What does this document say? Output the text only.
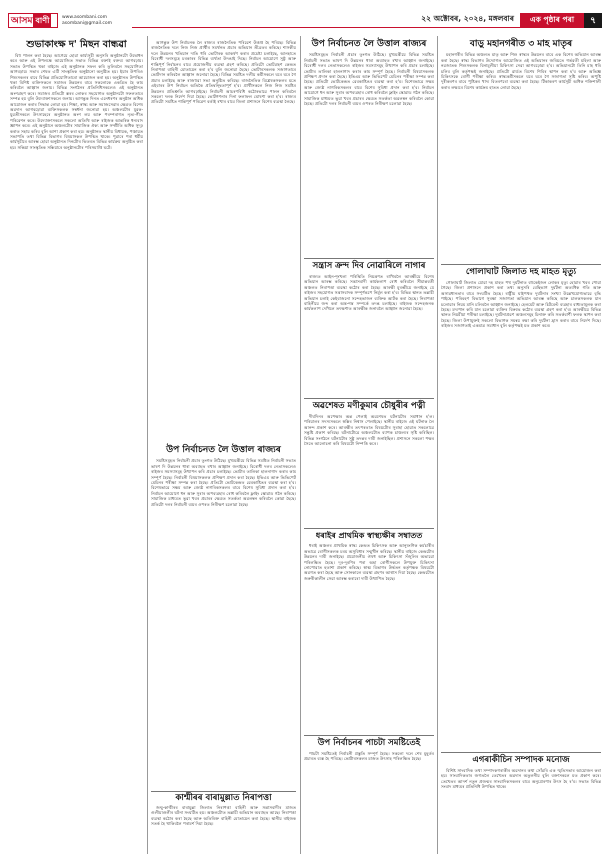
আসম বাণী	www.asombani.com
asombani@gmail.com	২২ অক্টোবৰ, ২০২৪, মঙ্গলবাৰ	এক পৃষ্ঠাৰ পৰা	৭
শুভাকাংক্ষ দ' মিছন বান্ধৱা

বিহু পালন কৰা হৈছে। আগেয়ে হোৱা কাৰ্য্যসূচী অনুসৰি অনুষ্ঠানটো উদ্বোধন কৰে আৰু এই উপলক্ষে আয়োজিত সভাত বিভিন্ন বক্তাই বক্তব্য আগবঢ়ায়। সভাত উপস্থিত থকা ৰাইজে এই অনুষ্ঠানক সফল কৰি তুলিবলৈ সহযোগিতা আগবঢ়ায়। সভাৰ শেষত এটি সাংস্কৃতিক অনুষ্ঠানো অনুষ্ঠিত হয়। ইয়াৰ উপৰিও শিশুসকলৰ বাবে বিভিন্ন প্ৰতিযোগিতাৰো আয়োজন কৰা হয়। অনুষ্ঠানত উপস্থিত থকা বিশিষ্ট ব্যক্তিসকলে সমাজৰ উন্নয়নৰ বাবে সকলোকে একত্ৰিত হৈ কাম কৰিবলৈ আহ্বান জনায়। বিভিন্ন সংগঠনৰ প্ৰতিনিধিসকলেও এই অনুষ্ঠানত অংশগ্ৰহণ কৰে। সমাজৰ প্ৰতিটো স্তৰৰ লোকৰ সহযোগত অনুষ্ঠানটো সফলতাৰে সম্পন্ন হয় বুলি উদ্যোক্তাসকলে জনায়। আগন্তুক দিনত এনেধৰণৰ অনুষ্ঠান অধিক আয়োজন কৰাৰ সিদ্ধান্ত লোৱা হয়। শিক্ষা, স্বাস্থ্য আৰু সমাজসেৱাৰ ক্ষেত্ৰত বিশেষ অৱদান আগবঢ়োৱা ব্যক্তিসকলক সম্বৰ্ধনা জনোৱা হয়। অঞ্চলটোৰ যুৱক-যুৱতীসকলে উৎসাহেৰে অনুষ্ঠানত অংশ লয় আৰু পৰম্পৰাগত নৃত্য-গীত পৰিৱেশন কৰে। উদ্যোক্তাসকলে সকলো অতিথি আৰু ৰাইজক আন্তৰিক ধন্যবাদ জ্ঞাপন কৰে। এই অনুষ্ঠানে অঞ্চলটোৰ সামাজিক ঐক্য আৰু সম্প্ৰীতি অধিক সুদৃঢ় কৰাত সহায় কৰিব বুলি আশা প্ৰকাশ কৰা হয়। অনুষ্ঠানত স্থানীয় বিধায়ক, পঞ্চায়ত সভাপতি তথা বিভিন্ন বিভাগৰ বিষয়াসকল উপস্থিত থাকে। পুৱাৰে পৰা ধৰ্মীয় কাৰ্যসূচীৰে আৰম্ভ হোৱা অনুষ্ঠানত দিনটোৰ ভিতৰত বিভিন্ন কাৰ্যক্ৰম অনুষ্ঠিত কৰা হয়। সন্ধিয়া সাংস্কৃতিক সন্ধিয়াৰে অনুষ্ঠানটোৰ পৰিসমাপ্তি ঘটে।

আগন্তুক উপ নিৰ্বাচনক লৈ ৰাজ্যৰ ৰাজনৈতিক পৰিৱেশ উত্তপ্ত হৈ পৰিছে। বিভিন্ন ৰাজনৈতিক দলে নিজ নিজ প্ৰাৰ্থীৰ সমৰ্থনত প্ৰচাৰ অভিযান তীব্ৰতৰ কৰিছে। শাসকীয় দলে উন্নয়নৰ খতিয়ান দাঙি ধৰি ভোটাৰক আকৰ্ষণ কৰাৰ প্ৰচেষ্টা চলাইছে, আনহাতে বিৰোধী দলসমূহে চৰকাৰৰ বিভিন্ন ব্যৰ্থতা উদঙাই দিছে। নিৰ্বাচন আয়োগে সুষ্ঠু আৰু শান্তিপূৰ্ণ নিৰ্বাচনৰ বাবে প্ৰয়োজনীয় ব্যৱস্থা গ্ৰহণ কৰিছে। প্ৰতিটো ভোটগ্ৰহণ কেন্দ্ৰত নিৰাপত্তা বাহিনী মোতায়েন কৰা হ'ব বুলি জনোৱা হৈছে। ভোটাৰসকলক সজাগতাৰে ভোটদান কৰিবলৈ আহ্বান জনোৱা হৈছে। বিভিন্ন সমষ্টিত দলীয় কৰ্মীসকলে ঘৰে ঘৰে গৈ প্ৰচাৰ চলাইছে আৰু ৰাজহুৱা সভা অনুষ্ঠিত কৰিছে। ৰাজনৈতিক বিশ্লেষকসকলৰ মতে এইবাৰৰ উপ নিৰ্বাচন অতিকৈ প্ৰতিদ্বন্দ্বিতাপূৰ্ণ হ'ব। প্ৰাৰ্থীসকলে নিজ নিজ সমষ্টিৰ উন্নয়নৰ প্ৰতিশ্ৰুতি আগবঢ়াইছে। নিৰ্বাচনী আচৰণবিধি কঠোৰভাৱে পালন কৰিবলৈ সকলো দলক নিৰ্দেশ দিয়া হৈছে। ভোটগণনাৰ দিনা ফলাফল ঘোষণা কৰা হ'ব। ৰাজ্যৰ প্ৰতিটো সমষ্টিত শান্তিপূৰ্ণ পৰিৱেশ বৰ্তাই ৰখাৰ বাবে জিলা প্ৰশাসনে বিশেষ ব্যৱস্থা লৈছে।

উপ নিৰ্বাচনত লৈ উত্তাল ৰাজ্যৰ

সমষ্টিসমূহত নিৰ্বাচনী প্ৰচাৰ তুংগত উঠিছে। মুখ্যমন্ত্ৰীয়ে বিভিন্ন সমষ্টিত নিৰ্বাচনী সভাত ভাষণ দি উন্নয়নৰ ধাৰা অব্যাহত ৰখাৰ আহ্বান জনাইছে। বিৰোধী দলৰ নেতাসকলেও ৰাইজৰ সমস্যাসমূহ উত্থাপন কৰি প্ৰচাৰ চলাইছে। ভোটাৰ তালিকা হালনাগাদ কৰাৰ কাম সম্পূৰ্ণ হৈছে। নিৰ্বাচনী বিষয়াসকলক প্ৰশিক্ষণ প্ৰদান কৰা হৈছে। ইভিএম আৰু ভিভিপেট মেচিনৰ পৰীক্ষা সম্পন্ন কৰা হৈছে। প্ৰতিটো ভোটকেন্দ্ৰত ৱেবকাষ্টিঙৰ ব্যৱস্থা কৰা হ'ব। বিশেষভাৱে সক্ষম আৰু জ্যেষ্ঠ নাগৰিকসকলৰ বাবে বিশেষ সুবিধা প্ৰদান কৰা হ'ব। নিৰ্বাচন আয়োগে ধন আৰু সুৰাৰ অপব্যৱহাৰ ৰোধ কৰিবলৈ ফ্লাইং স্কোৱাড গঠন কৰিছে। সামাজিক মাধ্যমত ভুৱা খবৰ প্ৰচাৰৰ ক্ষেত্ৰত সতৰ্কতা অৱলম্বন কৰিবলৈ কোৱা হৈছে। প্ৰতিটো দলৰ নিৰ্বাচনী ব্যয়ৰ ওপৰত নিৰীক্ষণ চলোৱা হৈছে।

কাশ্মীৰৰ বাৰামুল্লাত নিৰাপত্তা

জম্মু-কাশ্মীৰৰ বাৰামুল্লা জিলাত নিৰাপত্তা বাহিনী আৰু সন্ত্ৰাসবাদীৰ মাজত গুলীয়াগুলীৰ ঘটনা সংঘটিত হয়। অঞ্চলটোত তল্লাচী অভিযান অব্যাহত আছে। নিৰাপত্তা ব্যৱস্থা কঠোৰ কৰা হৈছে আৰু অতিৰিক্ত বাহিনী মোতায়েন কৰা হৈছে। স্থানীয় ৰাইজক সতৰ্ক হৈ থাকিবলৈ পৰামৰ্শ দিয়া হৈছে।

উপ নিৰ্বাচনত লৈ উত্তাল ৰাজ্যৰ

সমষ্টিসমূহত নিৰ্বাচনী প্ৰচাৰ তুংগত উঠিছে। মুখ্যমন্ত্ৰীয়ে বিভিন্ন সমষ্টিত নিৰ্বাচনী সভাত ভাষণ দি উন্নয়নৰ ধাৰা অব্যাহত ৰখাৰ আহ্বান জনাইছে। বিৰোধী দলৰ নেতাসকলেও ৰাইজৰ সমস্যাসমূহ উত্থাপন কৰি প্ৰচাৰ চলাইছে। ভোটাৰ তালিকা হালনাগাদ কৰাৰ কাম সম্পূৰ্ণ হৈছে। নিৰ্বাচনী বিষয়াসকলক প্ৰশিক্ষণ প্ৰদান কৰা হৈছে। ইভিএম আৰু ভিভিপেট মেচিনৰ পৰীক্ষা সম্পন্ন কৰা হৈছে। প্ৰতিটো ভোটকেন্দ্ৰত ৱেবকাষ্টিঙৰ ব্যৱস্থা কৰা হ'ব। বিশেষভাৱে সক্ষম আৰু জ্যেষ্ঠ নাগৰিকসকলৰ বাবে বিশেষ সুবিধা প্ৰদান কৰা হ'ব। নিৰ্বাচন আয়োগে ধন আৰু সুৰাৰ অপব্যৱহাৰ ৰোধ কৰিবলৈ ফ্লাইং স্কোৱাড গঠন কৰিছে। সামাজিক মাধ্যমত ভুৱা খবৰ প্ৰচাৰৰ ক্ষেত্ৰত সতৰ্কতা অৱলম্বন কৰিবলৈ কোৱা হৈছে। প্ৰতিটো দলৰ নিৰ্বাচনী ব্যয়ৰ ওপৰত নিৰীক্ষণ চলোৱা হৈছে।

সন্ত্ৰাস ক্ৰন্দ দিব নোৱাৰিলে নাগাৰ

ৰাজ্যত আইন-শৃংখলা পৰিস্থিতি নিয়ন্ত্ৰণত ৰাখিবলৈ আৰক্ষীয়ে বিশেষ অভিযান আৰম্ভ কৰিছে। সন্ত্ৰাসবাদী কাৰ্যকলাপ ৰোধ কৰিবলৈ সীমান্তবৰ্তী অঞ্চলত নিৰাপত্তা ব্যৱস্থা কঠোৰ কৰা হৈছে। আৰক্ষী মুৰব্বীয়ে জনাইছে যে ৰাইজৰ সহযোগত সন্ত্ৰাসবাদক সম্পূৰ্ণৰূপে নিৰ্মূল কৰা হ'ব। বিভিন্ন স্থানত তল্লাচী অভিযান চলাই কেইবাজনো সন্দেহভাজন ব্যক্তিক আটক কৰা হৈছে। নিৰাপত্তা বাহিনীয়ে জব্দ কৰা অস্ত্ৰ-শস্ত্ৰ সম্পৰ্কে তদন্ত চলাইছে। ৰাইজক সন্দেহজনক কাৰ্যকলাপ দেখিলে তৎক্ষণাত আৰক্ষীক জনাবলৈ আহ্বান জনোৱা হৈছে।

অৱশেষত মণীকুমাৰ চৌধুৰীৰ পত্নী

দীৰ্ঘদিনৰ অপেক্ষাৰ অন্ত পেলাই অৱশেষত ঘটনাটোৰ সমাধান হ'ল। পৰিয়ালৰ সদস্যসকলে স্বস্তিৰ নিশ্বাস পেলাইছে। স্থানীয় ৰাইজে এই ঘটনাক লৈ আনন্দ প্ৰকাশ কৰে। আৰক্ষীৰ তৎপৰতাত বিষয়টোৰ সুৰাহা হোৱাত সকলোৱে সন্তুষ্টি প্ৰকাশ কৰিছে। ঘটনাটোৱে অঞ্চলটোত ব্যাপক চাঞ্চল্যৰ সৃষ্টি কৰিছিল। বিভিন্ন সংগঠনে ঘটনাটোৰ সুষ্ঠু তদন্তৰ দাবী জনাইছিল। প্ৰশাসনে সকলো পক্ষৰ সৈতে আলোচনা কৰি বিষয়টো নিষ্পত্তি কৰে।

ধৰাইৰ প্ৰাথমিক স্বাস্থ্যক্ষীৰ সম্বাতত

ধৰাই অঞ্চলৰ প্ৰাথমিক স্বাস্থ্য কেন্দ্ৰত চিকিৎসক আৰু আনুষংগিক কৰ্মচাৰীৰ অভাৱে ৰোগীসকলক চৰম অসুবিধাৰ সন্মুখীন কৰিছে। স্থানীয় ৰাইজে কেন্দ্ৰটোৰ উন্নয়নৰ দাবী জনাইছে। প্ৰয়োজনীয় ঔষধ আৰু চিকিৎসা সঁজুলিৰ অভাৱো পৰিলক্ষিত হৈছে। দূৰ-দূৰণিৰ পৰা অহা ৰোগীসকলে উপযুক্ত চিকিৎসা নোপোৱাত হতাশা প্ৰকাশ কৰিছে। স্বাস্থ্য বিভাগৰ উৰ্দ্ধতন কৰ্তৃপক্ষক বিষয়টো অৱগত কৰা হৈছে আৰু সোনকালে ব্যৱস্থা গ্ৰহণৰ আশ্বাস দিয়া হৈছে। কেন্দ্ৰটোত জৰুৰীকালীন সেৱা আৰম্ভ কৰাৰো দাবী উত্থাপিত হৈছে।

উপ নিৰ্বাচনৰ পাচটা সমষ্টিতেই

পাচটা সমষ্টিতেই নিৰ্বাচনী প্ৰস্তুতি সম্পূৰ্ণ হৈছে। সকলো দলে শেষ মুহূৰ্তৰ প্ৰচাৰত ব্যস্ত হৈ পৰিছে। ভোটাৰসকলৰ মাজত উৎসাহ পৰিলক্ষিত হৈছে।

বাড়ু মহানগৰীত ৩ মাহ মাতৃৰ

মহানগৰীৰ বিভিন্ন অঞ্চলত মাতৃ আৰু শিশু স্বাস্থ্যৰ উন্নয়নৰ বাবে এক বিশেষ অভিযান আৰম্ভ কৰা হৈছে। স্বাস্থ্য বিভাগৰ উদ্যোগত আয়োজিত এই অভিযানৰ জৰিয়তে গৰ্ভৱতী মহিলা আৰু নৱজাতক শিশুসকলক বিনামূলীয়া চিকিৎসা সেৱা আগবঢ়োৱা হ'ব। অভিযানটো তিনি মাহ ধৰি চলিব বুলি কৰ্তৃপক্ষই জনাইছে। প্ৰতিটো ৱাৰ্ডত বিশেষ শিবিৰ স্থাপন কৰা হ'ব আৰু অভিজ্ঞ চিকিৎসকে ৰোগী পৰীক্ষা কৰিব। স্বাস্থ্যকৰ্মীসকলে ঘৰে ঘৰে গৈ সজাগতা সৃষ্টি কৰিব। অপুষ্টি দূৰীকৰণৰ বাবে পুষ্টিকৰ খাদ্য বিতৰণৰো ব্যৱস্থা কৰা হৈছে। টিকাকৰণ কাৰ্যসূচী অধিক শক্তিশালী কৰাৰ লক্ষ্যৰে বিশেষ কাৰ্যক্ৰম হাতত লোৱা হৈছে।

গোলাঘাট জিলাত দহ মাহত মৃত্যু

গোলাঘাট জিলাত যোৱা দহ মাহত পথ দুৰ্ঘটনাত বহুকেইজন লোকৰ মৃত্যু হোৱাৰ খবৰ পোৱা গৈছে। জিলা প্ৰশাসনে প্ৰকাশ কৰা তথ্য অনুসৰি বেছিভাগ দুৰ্ঘটনা অত্যধিক গতি আৰু অসাৱধানতাৰ বাবে সংঘটিত হৈছে। ৰাষ্ট্ৰীয় ঘাইপথত দুৰ্ঘটনাৰ সংখ্যা উল্লেখযোগ্যভাৱে বৃদ্ধি পাইছে। পৰিবহণ বিভাগে সুৰক্ষা সজাগতা অভিযান আৰম্ভ কৰিছে আৰু চালকসকলক যান চলোৱাৰ নিয়ম মানি চলিবলৈ আহ্বান জনাইছে। হেলমেট আৰু চিটবেল্ট ব্যৱহাৰ বাধ্যতামূলক কৰা হৈছে। মদ্যপান কৰি যান চলোৱা ব্যক্তিৰ বিৰুদ্ধে কঠোৰ ব্যৱস্থা গ্ৰহণ কৰা হ'ব। আৰক্ষীয়ে বিভিন্ন স্থানত নিয়মীয়া পৰীক্ষা চলাইছে। দুৰ্ঘটনাপ্ৰৱণ অঞ্চলসমূহ চিনাক্ত কৰি সতৰ্কবাণী ফলক স্থাপন কৰা হৈছে। জিলা উপায়ুক্তই সকলো বিভাগক সমন্বয় ৰক্ষা কৰি দুৰ্ঘটনা হ্ৰাস কৰাৰ বাবে নিৰ্দেশ দিছে। ৰাইজৰ সজাগতাই একমাত্ৰ সমাধান বুলি কৰ্তৃপক্ষই মত প্ৰকাশ কৰে।

এগৰাকীচিন সম্পাদক মনোজ

বিশিষ্ট সাংবাদিক তথা সম্পাদকগৰাকীৰ অৱদানৰ কথা সোঁৱৰি এক স্মৃতিসভাৰ আয়োজন কৰা হয়। সাংবাদিকতাৰ জগতলৈ তেখেতৰ অৱদান অতুলনীয় বুলি বক্তাসকলে মত প্ৰকাশ কৰে। তেখেতৰ আদৰ্শ নতুন প্ৰজন্মৰ সাংবাদিকসকলৰ বাবে অনুপ্ৰেৰণাৰ উৎস হৈ ৰ'ব। সভাত বিভিন্ন সংবাদ মাধ্যমৰ প্ৰতিনিধি উপস্থিত থাকে।
